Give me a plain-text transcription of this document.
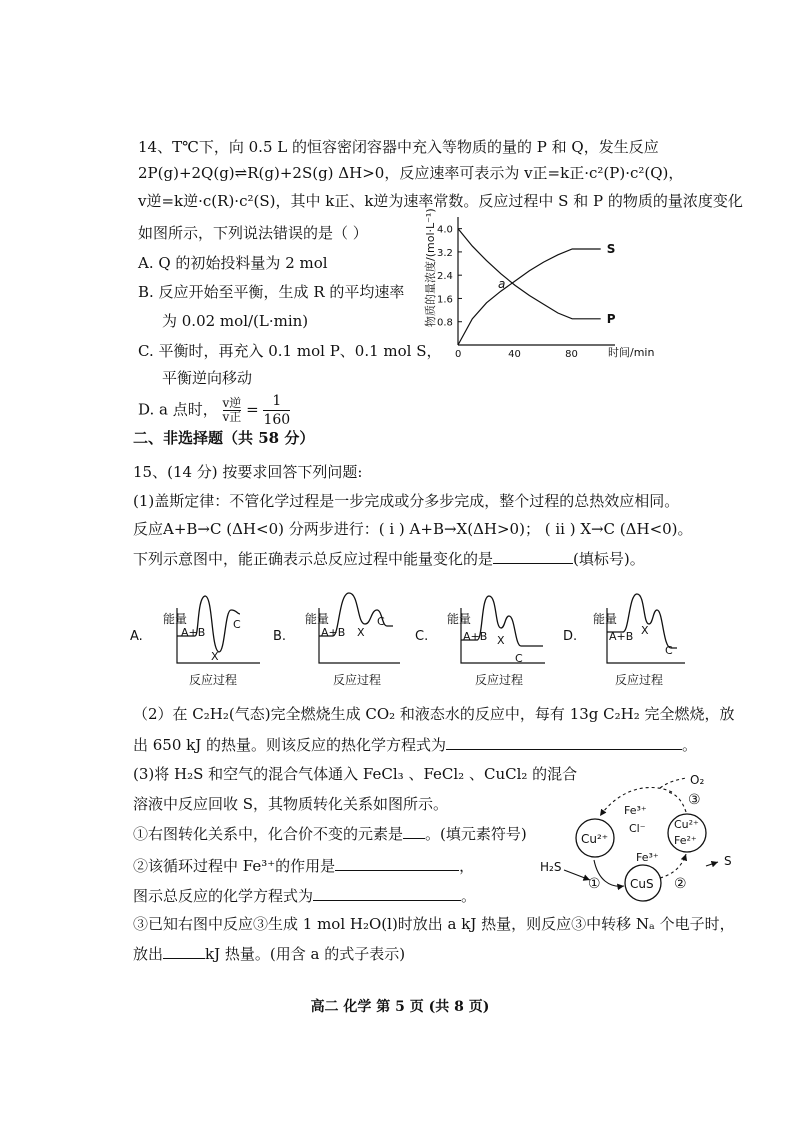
14、T℃下，向 0.5 L 的恒容密闭容器中充入等物质的量的 P 和 Q，发生反应
2P(g)+2Q(g)⇌R(g)+2S(g) ΔH>0，反应速率可表示为 v正=k正·c²(P)·c²(Q)，
v逆=k逆·c(R)·c²(S)，其中 k正、k逆为速率常数。反应过程中 S 和 P 的物质的量浓度变化
如图所示，下列说法错误的是（ ）
A. Q 的初始投料量为 2 mol
B. 反应开始至平衡，生成 R 的平均速率
为 0.02 mol/(L·min)
C. 平衡时，再充入 0.1 mol P、0.1 mol S，
平衡逆向移动
D. a 点时， $\frac{\text{v逆}}{\text{v正}} = \frac{1}{160}$
物质的量浓度/(mol·L⁻¹) 4.0
3.2
2.4
1.6
0.8
0	40	80
S
P
a
时间/min
二、非选择题（共 58 分）
15、(14 分) 按要求回答下列问题:
(1)盖斯定律：不管化学过程是一步完成或分多步完成，整个过程的总热效应相同。
反应A+B→C (ΔH<0) 分两步进行：( i ) A+B→X(ΔH>0)； ( ii ) X→C (ΔH<0)。
下列示意图中，能正确表示总反应过程中能量变化的是	(填标号)。
A.
能量
A+B
X
C
反应过程
B.
能量
A+B X
C
反应过程
C.
能量
A+B X
C
反应过程
D.
能量
A+B X
C
反应过程
（2）在 C₂H₂(气态)完全燃烧生成 CO₂ 和液态水的反应中，每有 13g C₂H₂ 完全燃烧，放
出 650 kJ 的热量。则该反应的热化学方程式为	。
(3)将 H₂S 和空气的混合气体通入 FeCl₃ 、FeCl₂ 、CuCl₂ 的混合
溶液中反应回收 S，其物质转化关系如图所示。
①右图转化关系中，化合价不变的元素是 。(填元素符号)
②该循环过程中 Fe³⁺的作用是	，
图示总反应的化学方程式为	。
③已知右图中反应③生成 1 mol H₂O(l)时放出 a kJ 热量，则反应③中转移 Nₐ 个电子时，
放出	kJ 热量。(用含 a 的式子表示)
Cu²⁺
Cu²⁺
Fe²⁺
CuS
Fe³⁺
Cl⁻
Fe³⁺
H₂S	S
O₂
①	②
③
高二 化学 第 5 页 (共 8 页)
